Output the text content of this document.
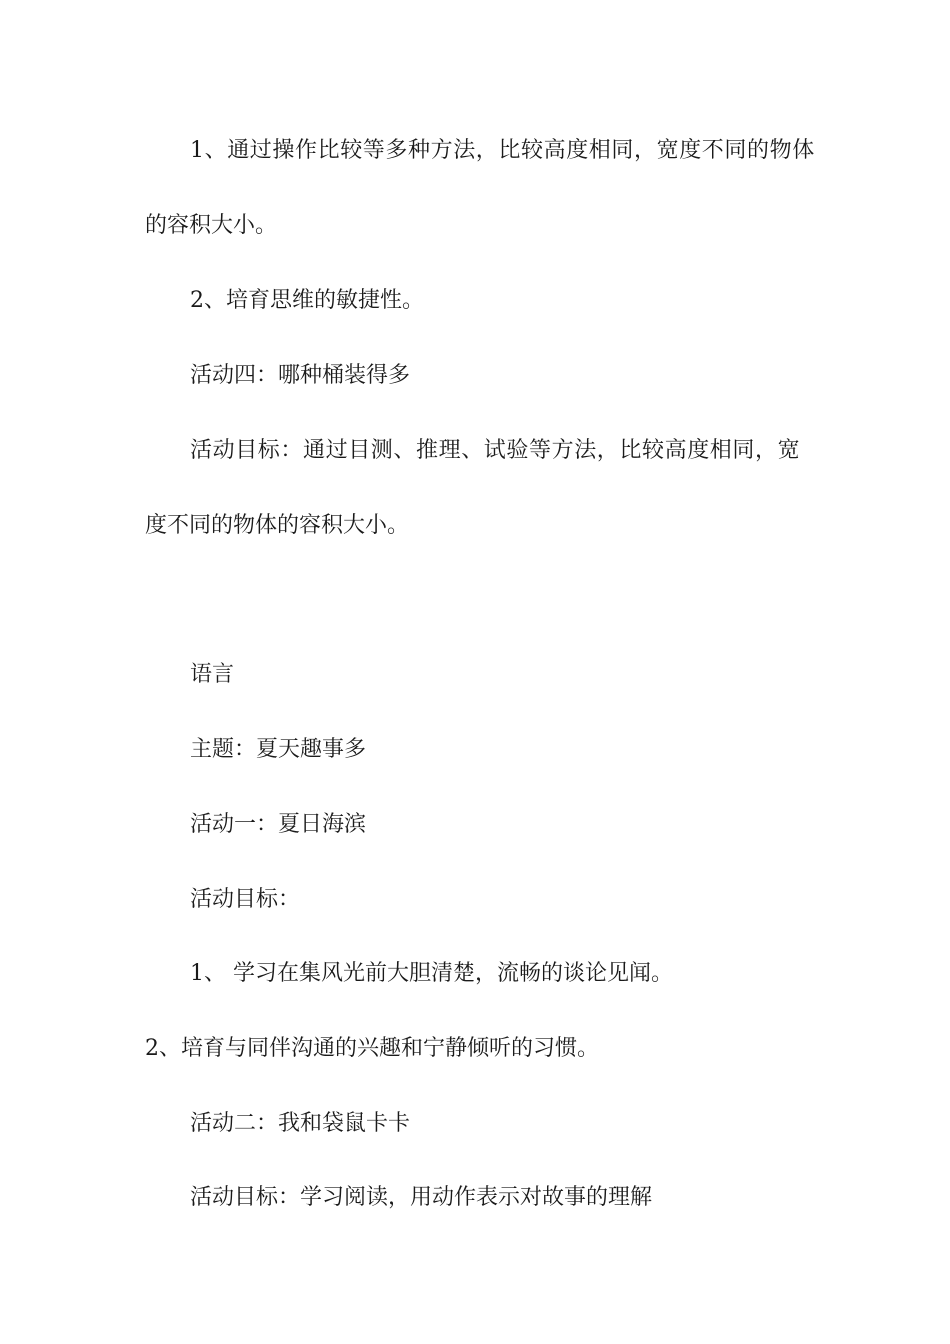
1、通过操作比较等多种方法，比较高度相同，宽度不同的物体
的容积大小。
2、培育思维的敏捷性。
活动四：哪种桶装得多
活动目标：通过目测、推理、试验等方法，比较高度相同，宽
度不同的物体的容积大小。
语言
主题：夏天趣事多
活动一：夏日海滨
活动目标：
1、 学习在集风光前大胆清楚，流畅的谈论见闻。
2、培育与同伴沟通的兴趣和宁静倾听的习惯。
活动二：我和袋鼠卡卡
活动目标：学习阅读，用动作表示对故事的理解
